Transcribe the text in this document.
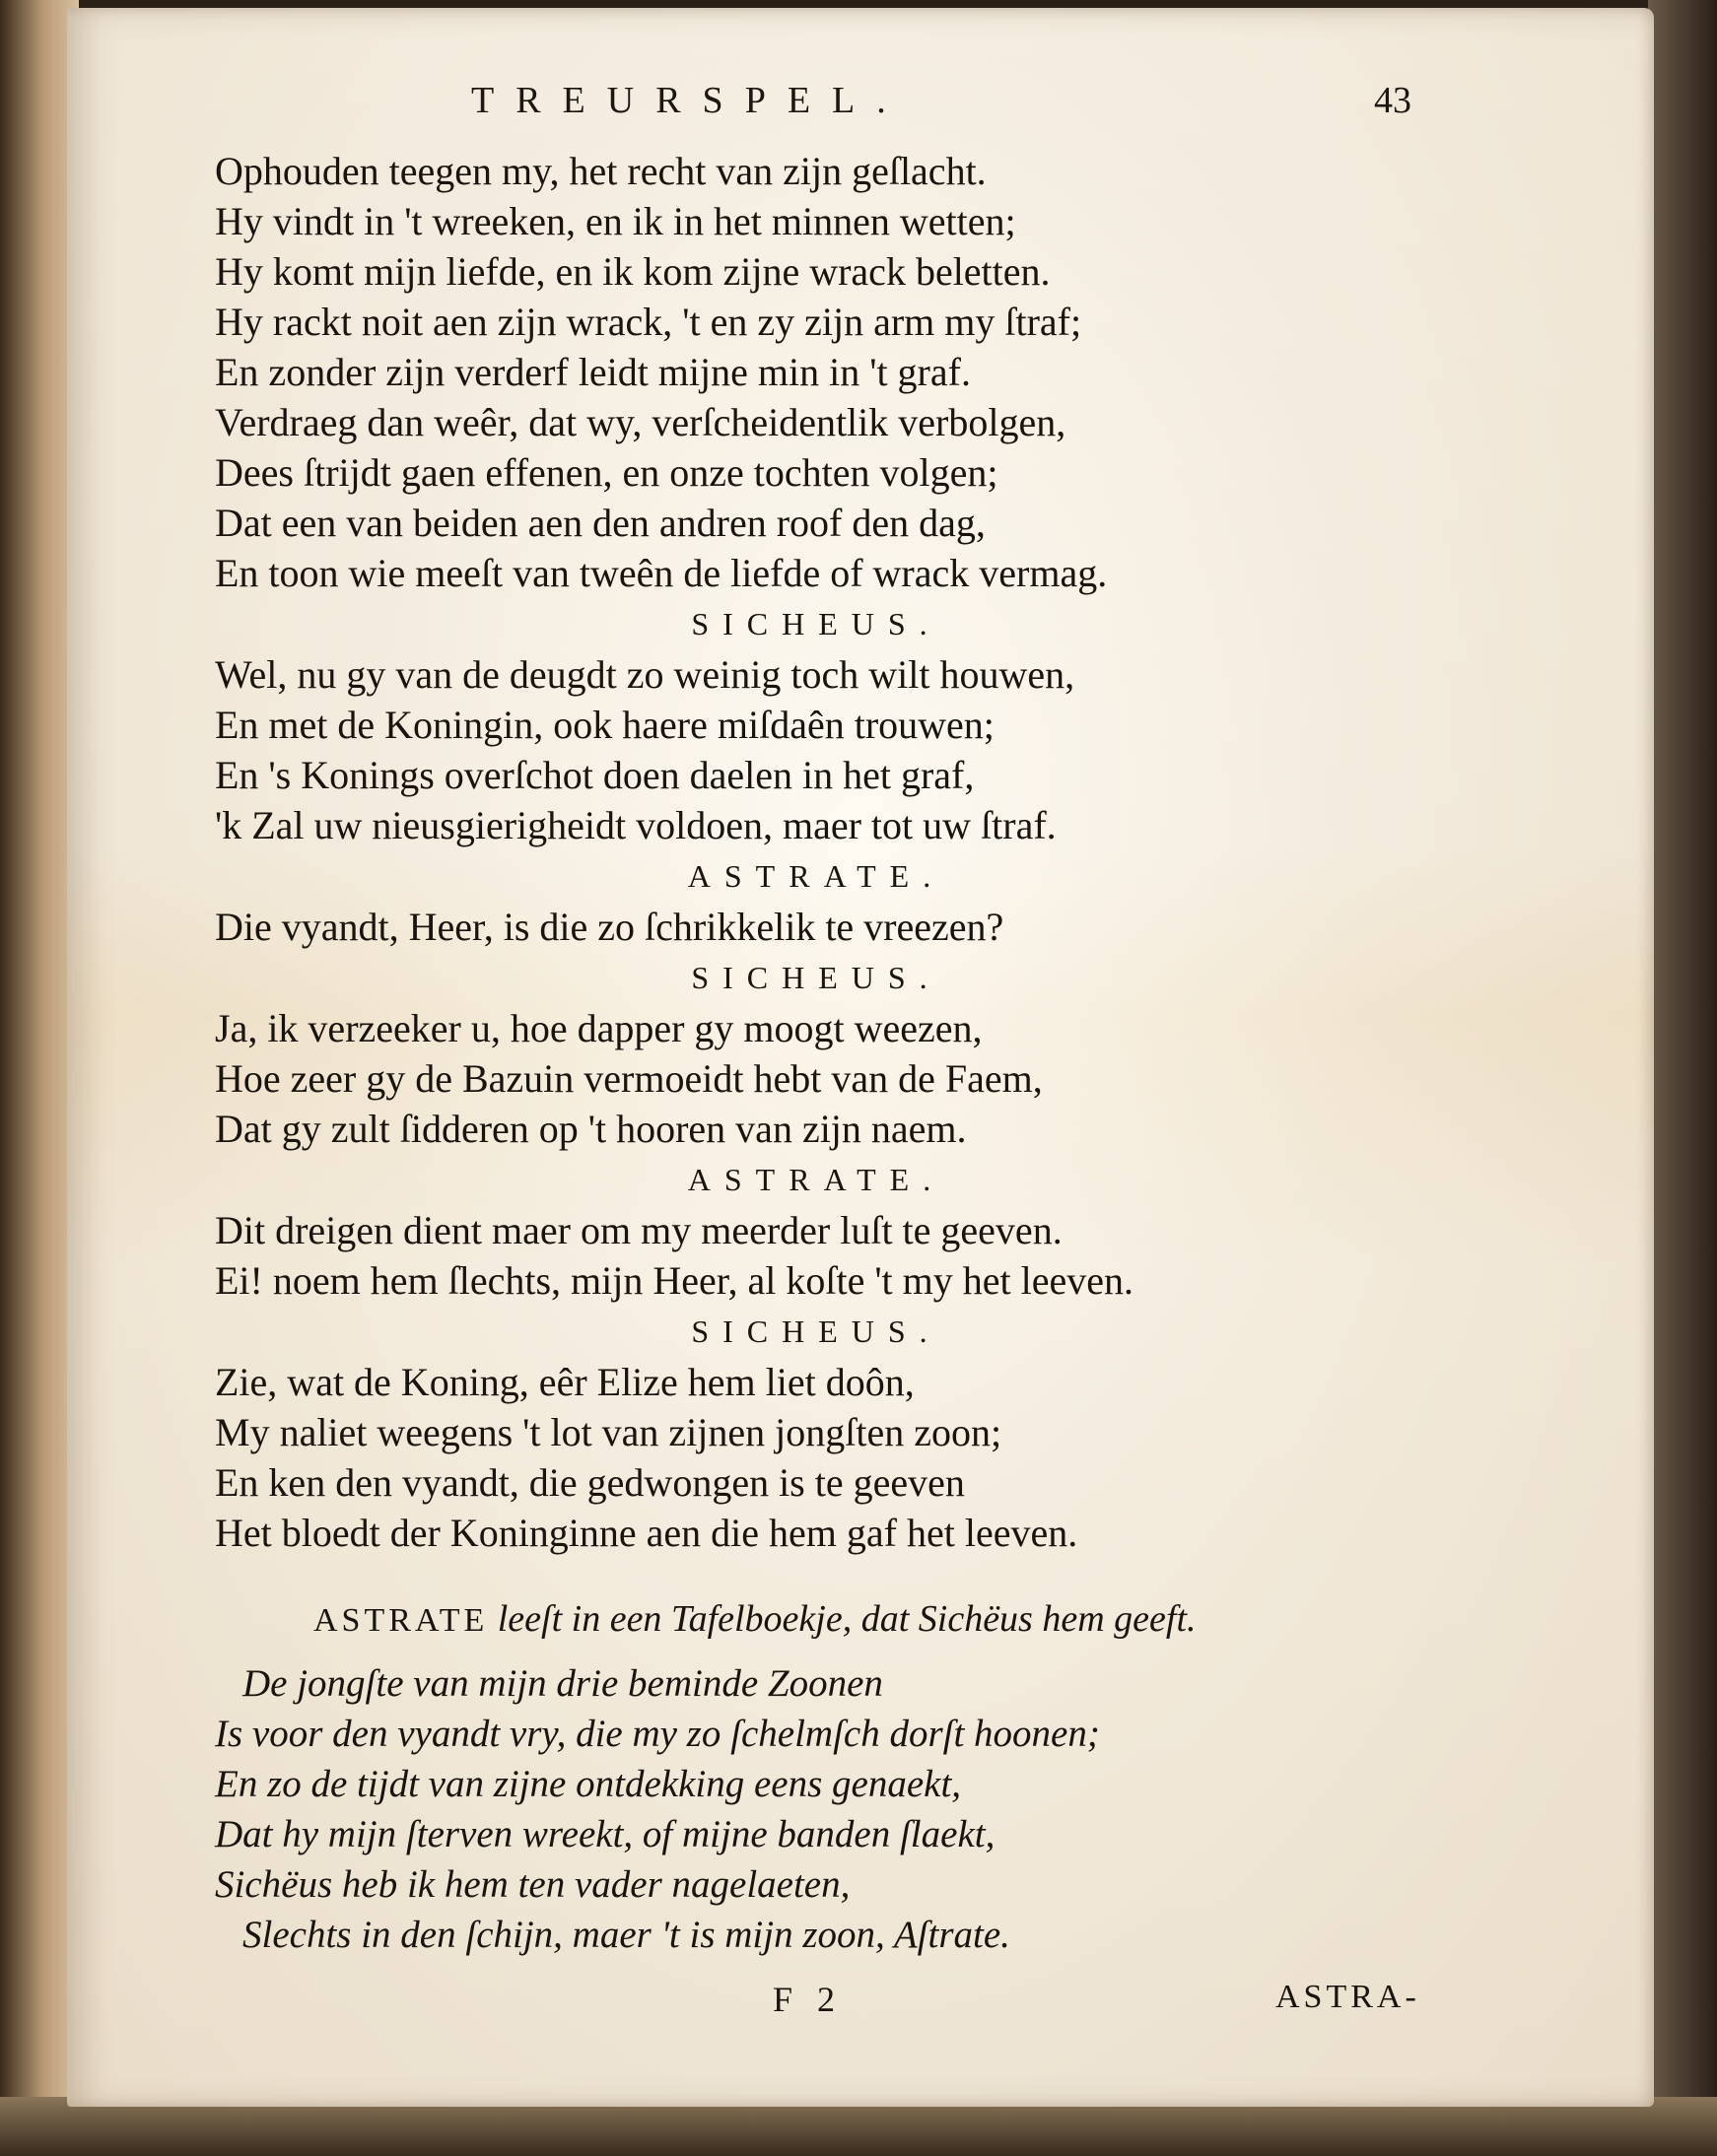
TREURSPEL.	43
Ophouden teegen my, het recht van zijn geſlacht.
Hy vindt in 't wreeken, en ik in het minnen wetten;
Hy komt mijn liefde, en ik kom zijne wrack beletten.
Hy rackt noit aen zijn wrack, 't en zy zijn arm my ſtraf;
En zonder zijn verderf leidt mijne min in 't graf.
Verdraeg dan weêr, dat wy, verſcheidentlik verbolgen,
Dees ſtrijdt gaen effenen, en onze tochten volgen;
Dat een van beiden aen den andren roof den dag,
En toon wie meeſt van tweên de liefde of wrack vermag.
SICHEUS.
Wel, nu gy van de deugdt zo weinig toch wilt houwen,
En met de Koningin, ook haere miſdaên trouwen;
En 's Konings overſchot doen daelen in het graf,
'k Zal uw nieusgierigheidt voldoen, maer tot uw ſtraf.
ASTRATE.
Die vyandt, Heer, is die zo ſchrikkelik te vreezen?
SICHEUS.
Ja, ik verzeeker u, hoe dapper gy moogt weezen,
Hoe zeer gy de Bazuin vermoeidt hebt van de Faem,
Dat gy zult ſidderen op 't hooren van zijn naem.
ASTRATE.
Dit dreigen dient maer om my meerder luſt te geeven.
Ei! noem hem ſlechts, mijn Heer, al koſte 't my het leeven.
SICHEUS.
Zie, wat de Koning, eêr Elize hem liet doôn,
My naliet weegens 't lot van zijnen jongſten zoon;
En ken den vyandt, die gedwongen is te geeven
Het bloedt der Koninginne aen die hem gaf het leeven.
ASTRATE leeſt in een Tafelboekje, dat Sichëus hem geeft.
De jongſte van mijn drie beminde Zoonen
Is voor den vyandt vry, die my zo ſchelmſch dorſt hoonen;
En zo de tijdt van zijne ontdekking eens genaekt,
Dat hy mijn ſterven wreekt, of mijne banden ſlaekt,
Sichëus heb ik hem ten vader nagelaeten,
Slechts in den ſchijn, maer 't is mijn zoon, Aſtrate.
F 2	ASTRA-
